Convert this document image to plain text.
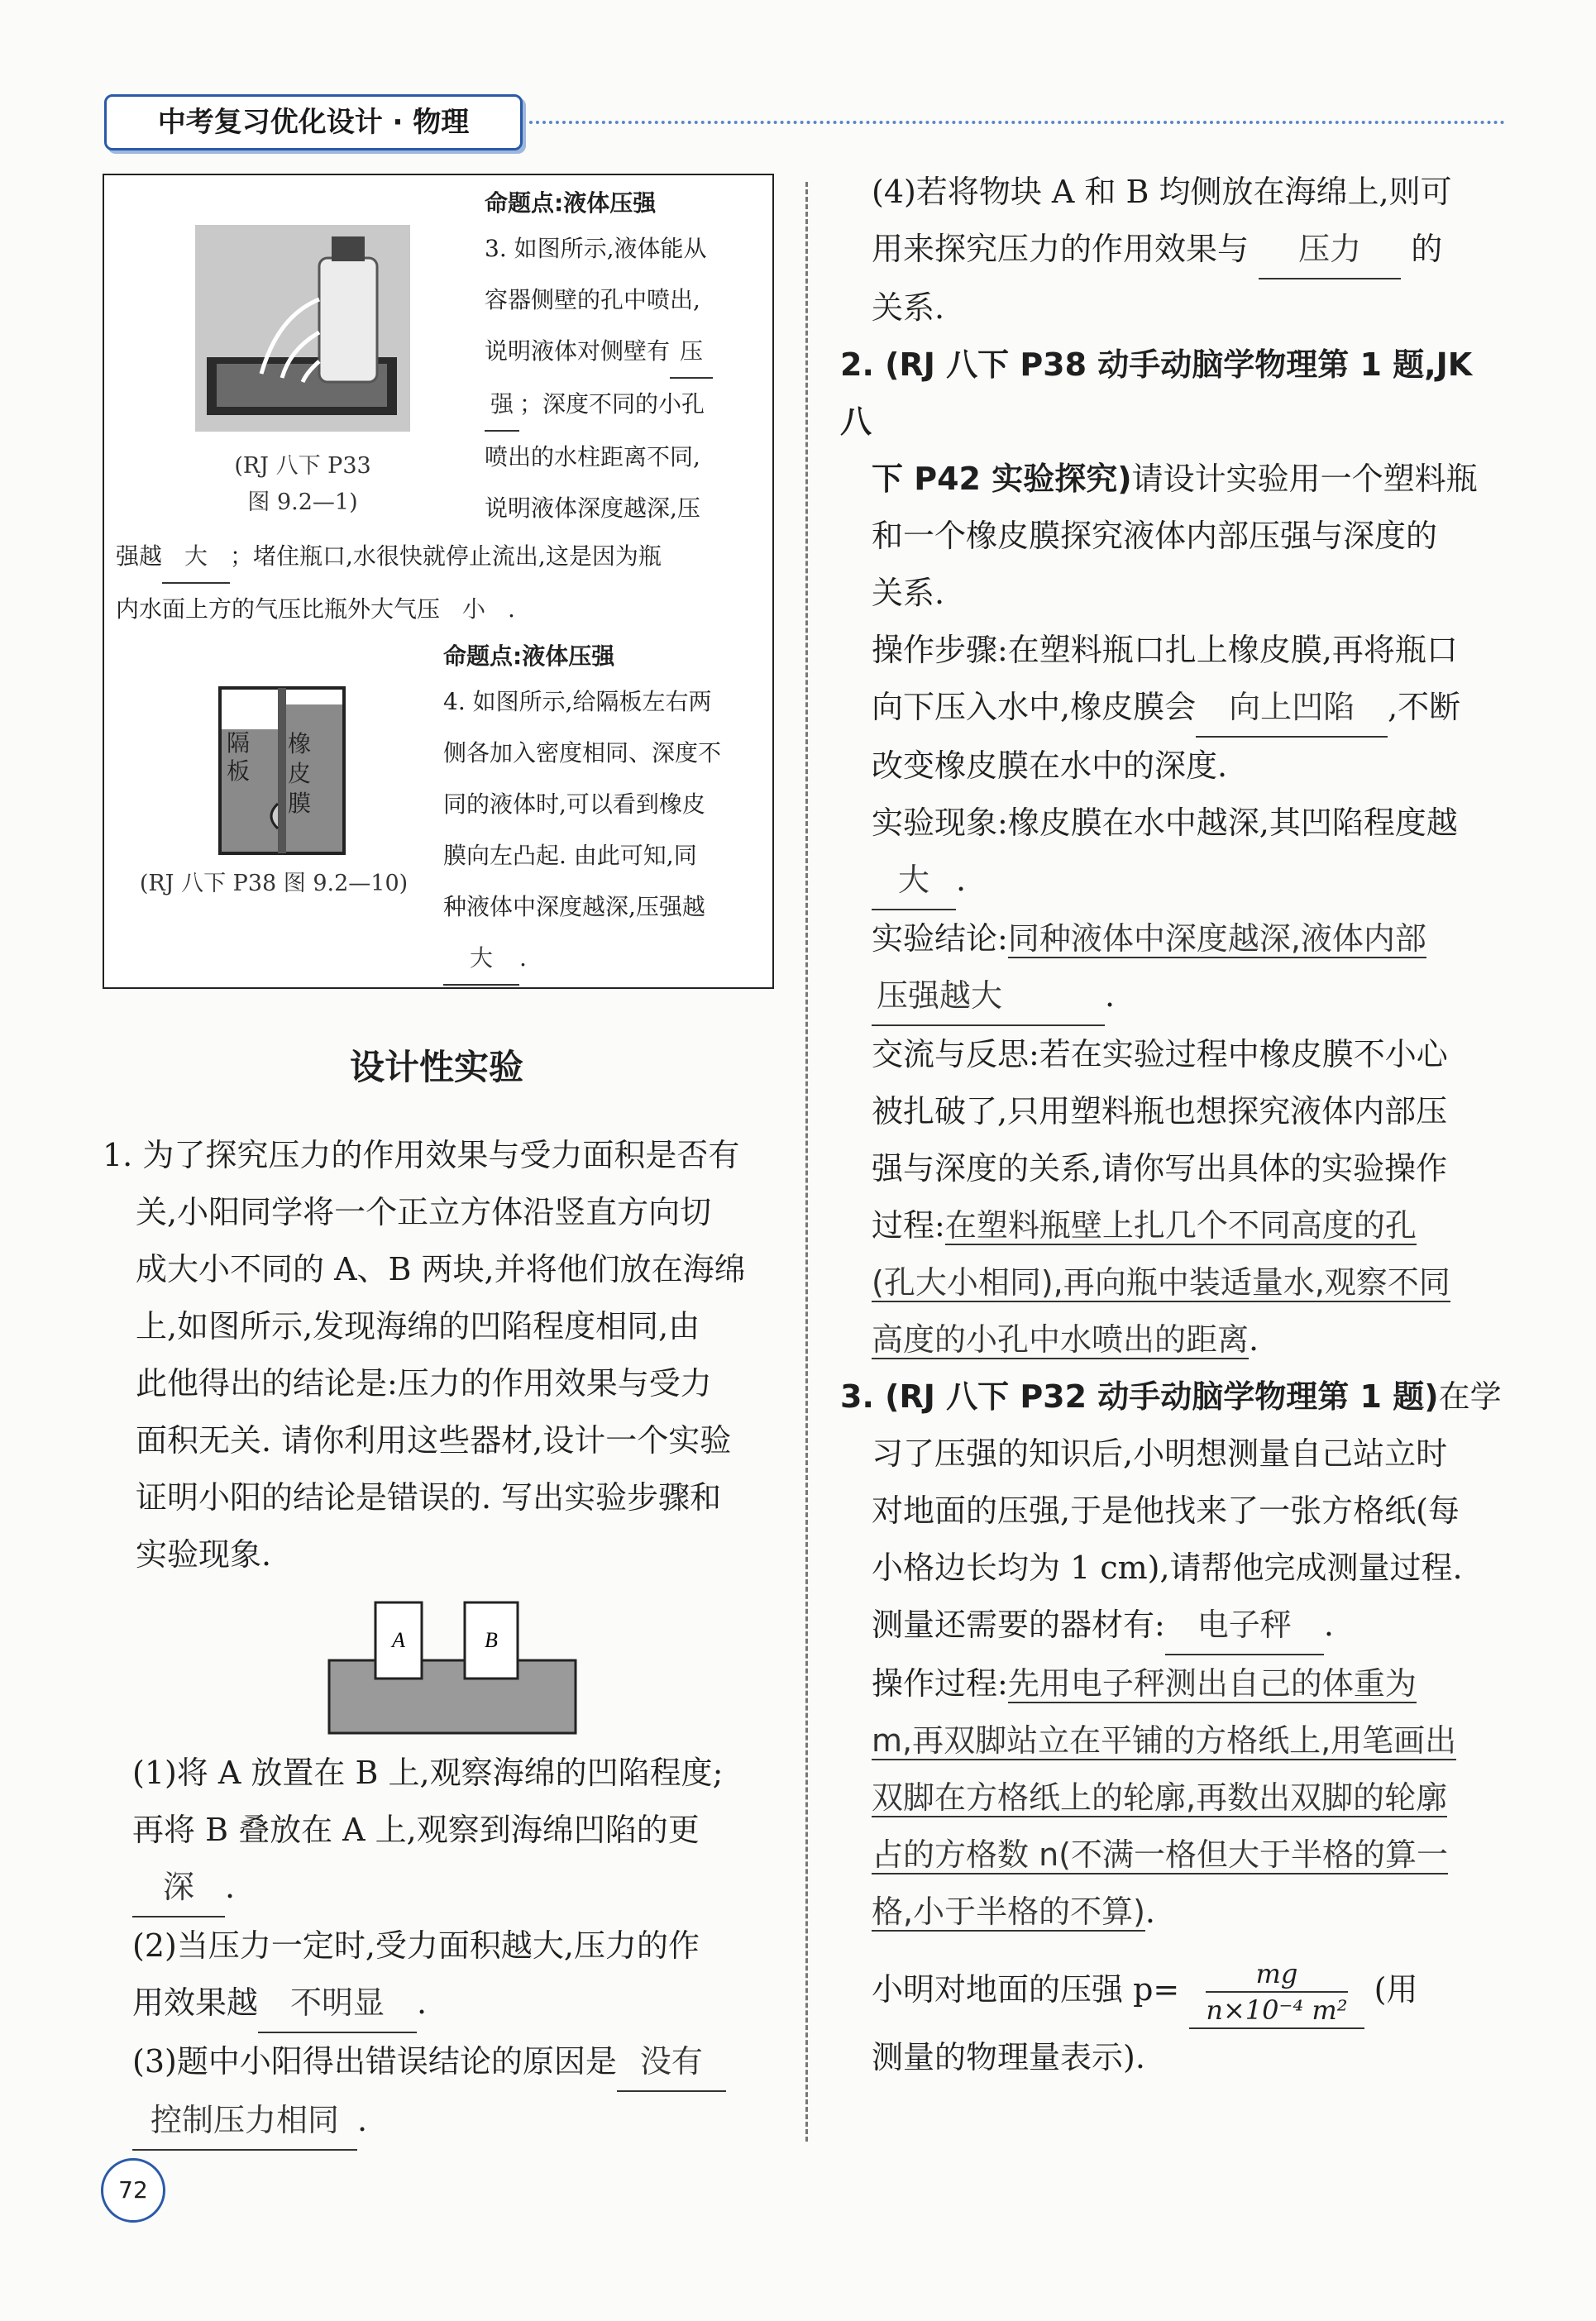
中考复习优化设计 · 物理
命题点:液体压强
(RJ 八下 P33
图 9.2—1)
3. 如图所示,液体能从
容器侧壁的孔中喷出,
说明液体对侧壁有 压
强 ；深度不同的小孔
喷出的水柱距离不同,
说明液体深度越深,压
强越 大 ；堵住瓶口,水很快就停止流出,这是因为瓶
内水面上方的气压比瓶外大气压 小 .
命题点:液体压强
隔板
橡皮膜
(RJ 八下 P38 图 9.2—10)
4. 如图所示,给隔板左右两
侧各加入密度相同、深度不
同的液体时,可以看到橡皮
膜向左凸起. 由此可知,同
种液体中深度越深,压强越
大 .
设计性实验
1. 为了探究压力的作用效果与受力面积是否有
关,小阳同学将一个正立方体沿竖直方向切
成大小不同的 A、B 两块,并将他们放在海绵
上,如图所示,发现海绵的凹陷程度相同,由
此他得出的结论是:压力的作用效果与受力
面积无关. 请你利用这些器材,设计一个实验
证明小阳的结论是错误的. 写出实验步骤和
实验现象.
A	B
(1)将 A 放置在 B 上,观察海绵的凹陷程度;
再将 B 叠放在 A 上,观察到海绵凹陷的更
深 .
(2)当压力一定时,受力面积越大,压力的作
用效果越 不明显 .
(3)题中小阳得出错误结论的原因是 没有
控制压力相同 .
(4)若将物块 A 和 B 均侧放在海绵上,则可
用来探究压力的作用效果与 压力 的
关系.
2. (RJ 八下 P38 动手动脑学物理第 1 题,JK 八
下 P42 实验探究)请设计实验用一个塑料瓶
和一个橡皮膜探究液体内部压强与深度的
关系.
操作步骤:在塑料瓶口扎上橡皮膜,再将瓶口
向下压入水中,橡皮膜会 向上凹陷 ,不断
改变橡皮膜在水中的深度.
实验现象:橡皮膜在水中越深,其凹陷程度越
大 .
实验结论:同种液体中深度越深,液体内部
压强越大	.
交流与反思:若在实验过程中橡皮膜不小心
被扎破了,只用塑料瓶也想探究液体内部压
强与深度的关系,请你写出具体的实验操作
过程:在塑料瓶壁上扎几个不同高度的孔
(孔大小相同),再向瓶中装适量水,观察不同
高度的小孔中水喷出的距离.
3. (RJ 八下 P32 动手动脑学物理第 1 题)在学
习了压强的知识后,小明想测量自己站立时
对地面的压强,于是他找来了一张方格纸(每
小格边长均为 1 cm),请帮他完成测量过程.
测量还需要的器材有: 电子秤 .
操作过程:先用电子秤测出自己的体重为
m,再双脚站立在平铺的方格纸上,用笔画出
双脚在方格纸上的轮廓,再数出双脚的轮廓
占的方格数 n(不满一格但大于半格的算一
格,小于半格的不算).
小明对地面的压强 $p= \frac{mg}{\text{n×10⁻⁴ m²}}$ (用
测量的物理量表示).
72
